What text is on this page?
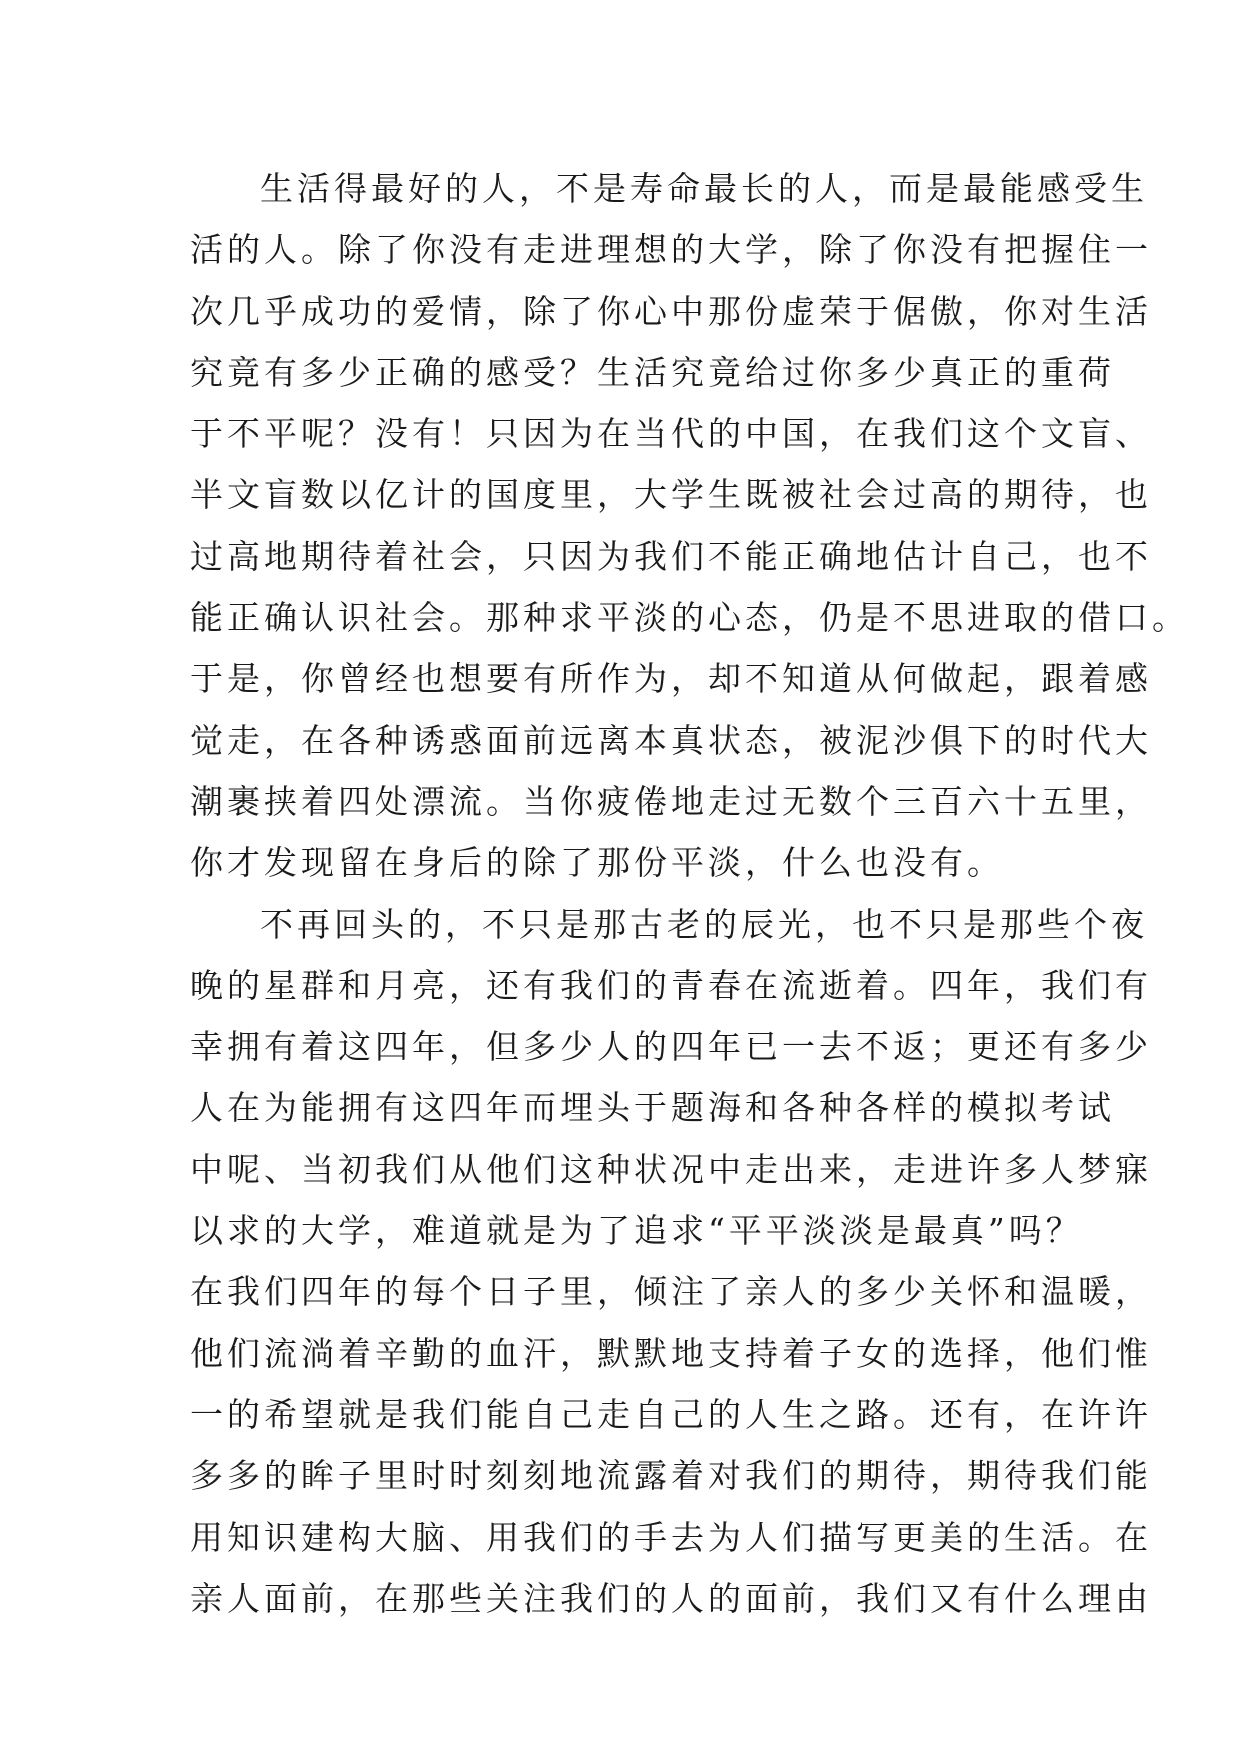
生活得最好的人，不是寿命最长的人，而是最能感受生
活的人。除了你没有走进理想的大学，除了你没有把握住一
次几乎成功的爱情，除了你心中那份虚荣于倨傲，你对生活
究竟有多少正确的感受？生活究竟给过你多少真正的重荷
于不平呢？没有！只因为在当代的中国，在我们这个文盲、
半文盲数以亿计的国度里，大学生既被社会过高的期待，也
过高地期待着社会，只因为我们不能正确地估计自己，也不
能正确认识社会。那种求平淡的心态，仍是不思进取的借口。
于是，你曾经也想要有所作为，却不知道从何做起，跟着感
觉走，在各种诱惑面前远离本真状态，被泥沙俱下的时代大
潮裹挟着四处漂流。当你疲倦地走过无数个三百六十五里，
你才发现留在身后的除了那份平淡，什么也没有。
不再回头的，不只是那古老的辰光，也不只是那些个夜
晚的星群和月亮，还有我们的青春在流逝着。四年，我们有
幸拥有着这四年，但多少人的四年已一去不返；更还有多少
人在为能拥有这四年而埋头于题海和各种各样的模拟考试
中呢、当初我们从他们这种状况中走出来，走进许多人梦寐
以求的大学，难道就是为了追求“平平淡淡是最真”吗？
在我们四年的每个日子里，倾注了亲人的多少关怀和温暖，
他们流淌着辛勤的血汗，默默地支持着子女的选择，他们惟
一的希望就是我们能自己走自己的人生之路。还有，在许许
多多的眸子里时时刻刻地流露着对我们的期待，期待我们能
用知识建构大脑、用我们的手去为人们描写更美的生活。在
亲人面前，在那些关注我们的人的面前，我们又有什么理由
